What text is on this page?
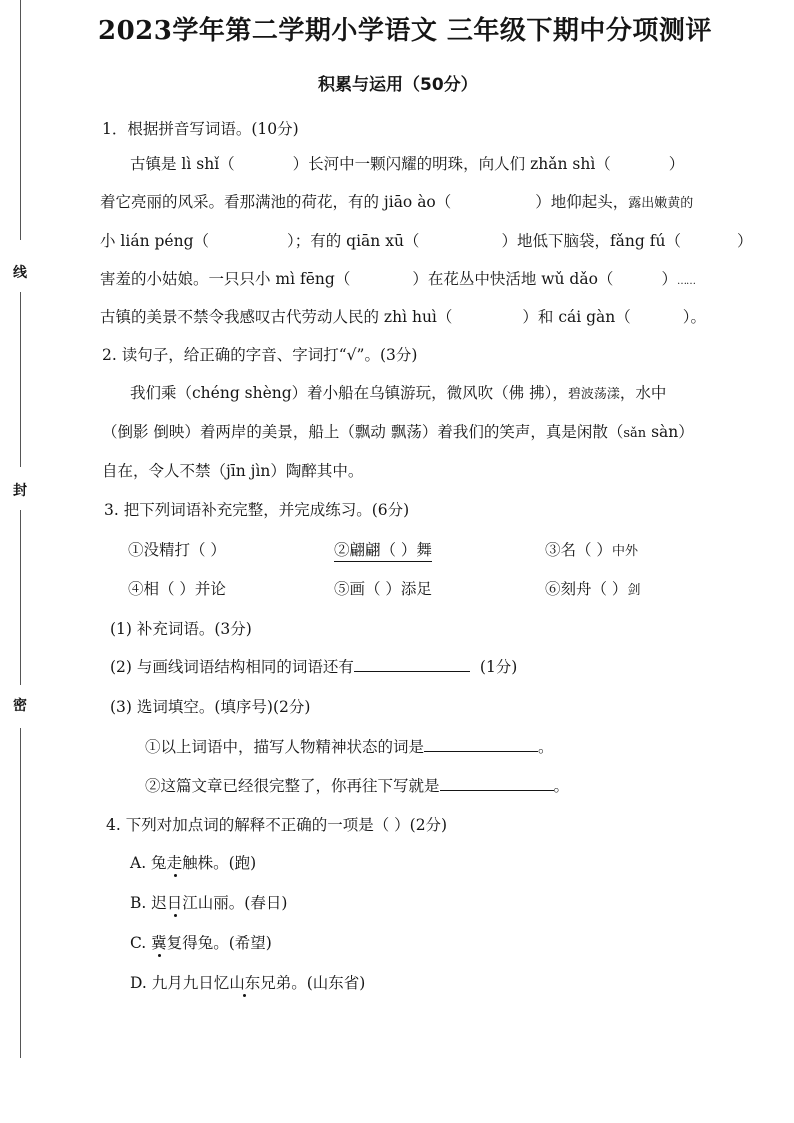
线
封
密
2023学年第二学期小学语文 三年级下期中分项测评
积累与运用（50分）
1．根据拼音写词语。(10分)
古镇是 lì shǐ（	）长河中一颗闪耀的明珠，向人们 zhǎn shì（	）
着它亮丽的风采。看那满池的荷花，有的 jiāo ào（	）地仰起头，露出嫩黄的
小 lián péng（	）；有的 qiān xū（	）地低下脑袋，fǎng fú（	）
害羞的小姑娘。一只只小 mì fēng（	）在花丛中快活地 wǔ dǎo（	）……
古镇的美景不禁令我感叹古代劳动人民的 zhì huì（	）和 cái gàn（	）。
2. 读句子，给正确的字音、字词打“√”。(3分)
我们乘（chéng shèng）着小船在乌镇游玩，微风吹（佛 拂），碧波荡漾，水中
（倒影 倒映）着两岸的美景，船上（飘动 飘荡）着我们的笑声，真是闲散（sǎn sàn）
自在，令人不禁（jīn jìn）陶醉其中。
3. 把下列词语补充完整，并完成练习。(6分)
①没精打（ ）	②翩翩（ ）舞	③名（ ）中外
④相（ ）并论	⑤画（ ）添足	⑥刻舟（ ）剑
(1) 补充词语。(3分)
(2) 与画线词语结构相同的词语还有	(1分)
(3) 选词填空。(填序号)(2分)
①以上词语中，描写人物精神状态的词是	。
②这篇文章已经很完整了，你再往下写就是	。
4. 下列对加点词的解释不正确的一项是（ ）(2分)
A. 兔走触株。(跑)
B. 迟日江山丽。(春日)
C. 冀复得兔。(希望)
D. 九月九日忆山东兄弟。(山东省)
